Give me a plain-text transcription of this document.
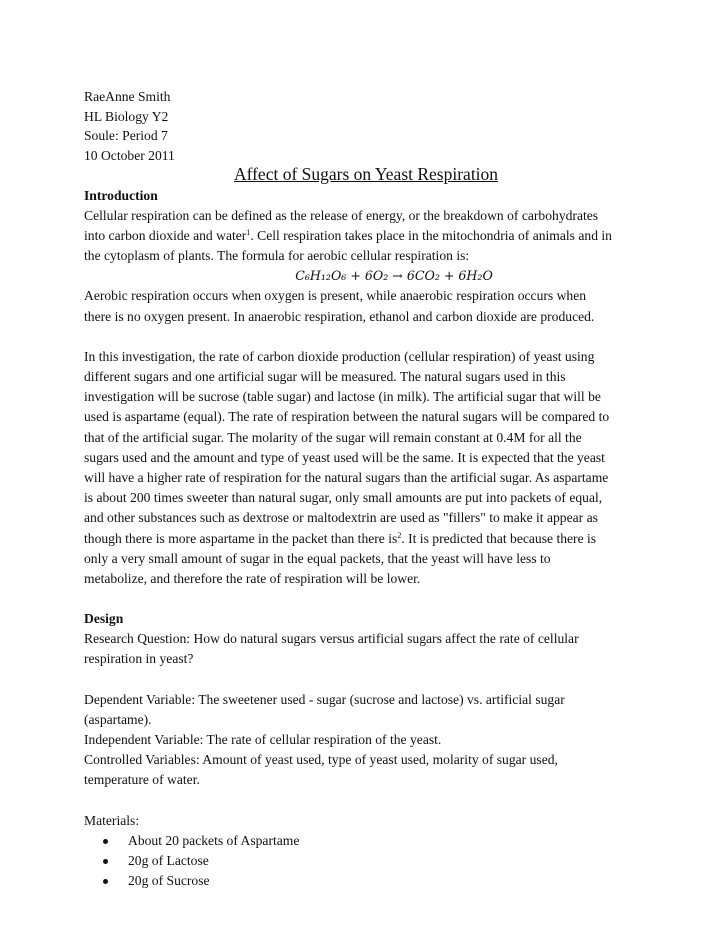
RaeAnne Smith
HL Biology Y2
Soule: Period 7
10 October 2011
Affect of Sugars on Yeast Respiration
Introduction
Cellular respiration can be defined as the release of energy, or the breakdown of carbohydrates
into carbon dioxide and water$^1$. Cell respiration takes place in the mitochondria of animals and in
the cytoplasm of plants. The formula for aerobic cellular respiration is:
C₆H₁₂O₆ + 6O₂ → 6CO₂ + 6H₂O
Aerobic respiration occurs when oxygen is present, while anaerobic respiration occurs when
there is no oxygen present. In anaerobic respiration, ethanol and carbon dioxide are produced.
In this investigation, the rate of carbon dioxide production (cellular respiration) of yeast using
different sugars and one artificial sugar will be measured. The natural sugars used in this
investigation will be sucrose (table sugar) and lactose (in milk). The artificial sugar that will be
used is aspartame (equal). The rate of respiration between the natural sugars will be compared to
that of the artificial sugar. The molarity of the sugar will remain constant at 0.4M for all the
sugars used and the amount and type of yeast used will be the same. It is expected that the yeast
will have a higher rate of respiration for the natural sugars than the artificial sugar. As aspartame
is about 200 times sweeter than natural sugar, only small amounts are put into packets of equal,
and other substances such as dextrose or maltodextrin are used as "fillers" to make it appear as
though there is more aspartame in the packet than there $is^2$. It is predicted that because there is
only a very small amount of sugar in the equal packets, that the yeast will have less to
metabolize, and therefore the rate of respiration will be lower.
Design
Research Question: How do natural sugars versus artificial sugars affect the rate of cellular
respiration in yeast?
Dependent Variable: The sweetener used - sugar (sucrose and lactose) vs. artificial sugar
(aspartame).
Independent Variable: The rate of cellular respiration of the yeast.
Controlled Variables: Amount of yeast used, type of yeast used, molarity of sugar used,
temperature of water.
Materials:
About 20 packets of Aspartame
20g of Lactose
20g of Sucrose
